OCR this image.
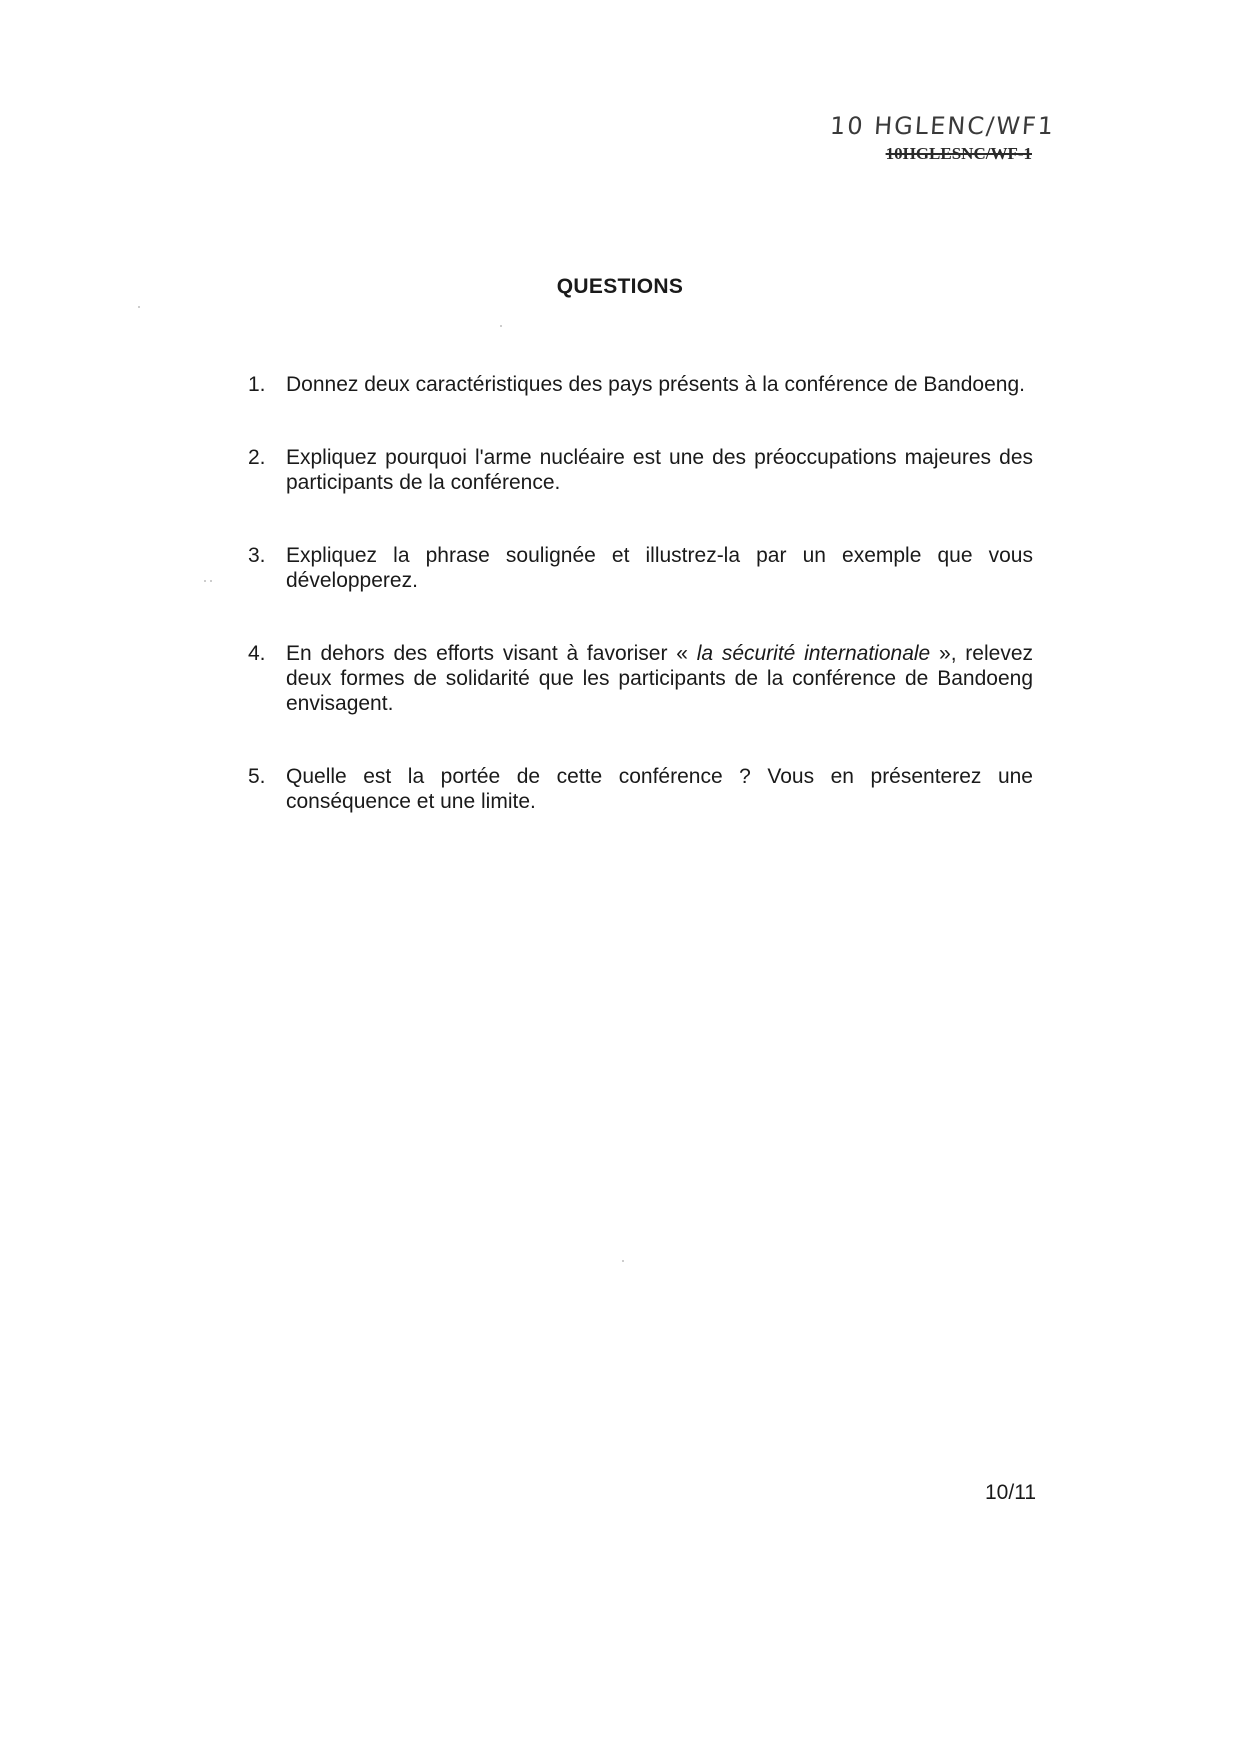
10 HGLENC/WF1
10HGLESNC/WF-1
QUESTIONS
1. Donnez deux caractéristiques des pays présents à la conférence de Bandoeng.
2. Expliquez pourquoi l'arme nucléaire est une des préoccupations majeures des participants de la conférence.
3. Expliquez la phrase soulignée et illustrez-la par un exemple que vous développerez.
4. En dehors des efforts visant à favoriser « la sécurité internationale », relevez deux formes de solidarité que les participants de la conférence de Bandoeng envisagent.
5. Quelle est la portée de cette conférence ? Vous en présenterez une conséquence et une limite.
10/11
